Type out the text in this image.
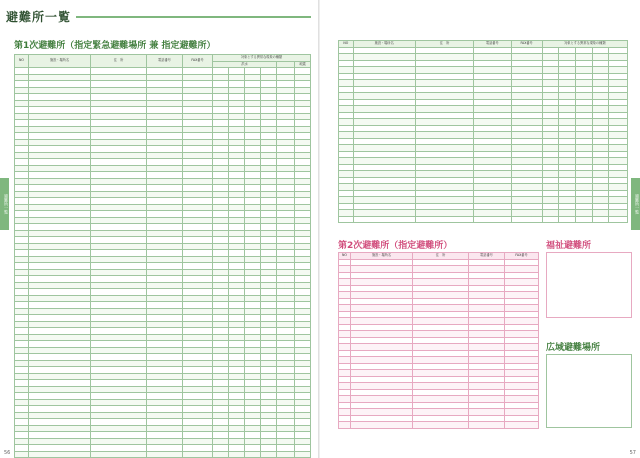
避難所一覧
第1次避難所（指定緊急避難場所 兼 指定避難所）
NO	施設・場所名	住　所	電話番号	FAX番号	対象とする異常な現象の種類					
					洪水					地震

避難所一覧
56
NO	施設・場所名	住　所	電話番号	FAX番号	対象とする異常な現象の種類				

第2次避難所（指定避難所）
NO	施設・場所名	住　所	電話番号	FAX番号

福祉避難所
広域避難場所
避難所一覧
57
